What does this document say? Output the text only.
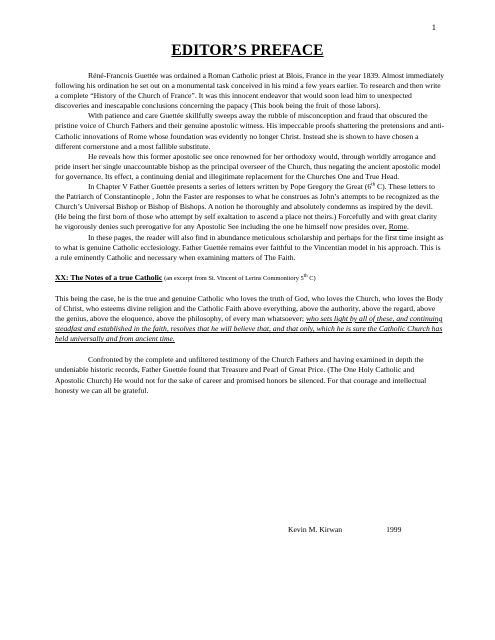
1
EDITOR’S PREFACE

Réné-Francois Guettée was ordained a Roman Catholic priest at Blois, France in the year 1839. Almost immediately following his ordination he set out on a monumental task conceived in his mind a few years earlier. To research and then write a complete “History of the Church of France”. It was this innocent endeavor that would soon lead him to unexpected discoveries and inescapable conclusions concerning the papacy (This book being the fruit of those labors).

With patience and care Guettée skillfully sweeps away the rubble of misconception and fraud that obscured the pristine voice of Church Fathers and their genuine apostolic witness. His impeccable proofs shattering the pretensions and anti-Catholic innovations of Rome whose foundation was evidently no longer Christ. Instead she is shown to have chosen a different cornerstone and a most fallible substitute.

He reveals how this former apostolic see once renowned for her orthodoxy would, through worldly arrogance and pride insert her single unaccountable bishop as the principal overseer of the Church, thus negating the ancient apostolic model for governance. Its effect, a continuing denial and illegitimate replacement for the Churches One and True Head.

In Chapter V Father Guettée presents a series of letters written by Pope Gregory the Great (6th C). These letters to the Patriarch of Constantinople , John the Faster are responses to what he construes as John’s attempts to be recognized as the Church’s Universal Bishop or Bishop of Bishops. A notion he thoroughly and absolutely condemns as inspired by the devil. (He being the first born of those who attempt by self exaltation to ascend a place not theirs.) Forcefully and with great clarity he vigorously denies such prerogative for any Apostolic See including the one he himself now presides over, Rome.

In these pages, the reader will also find in abundance meticulous scholarship and perhaps for the first time insight as to what is genuine Catholic ecclesiology. Father Guettée remains ever faithful to the Vincentian model in his approach. This is a rule eminently Catholic and necessary when examining matters of The Faith.

XX: The Notes of a true Catholic (an excerpt from St. Vincent of Lerins Commonitory 5th C)

This being the case, he is the true and genuine Catholic who loves the truth of God, who loves the Church, who loves the Body of Christ, who esteems divine religion and the Catholic Faith above everything, above the authority, above the regard, above the genius, above the eloquence, above the philosophy, of every man whatsoever; who sets light by all of these, and continuing steadfast and established in the faith, resolves that he will believe that, and that only, which he is sure the Catholic Church has held universally and from ancient time.

Confronted by the complete and unfiltered testimony of the Church Fathers and having examined in depth the undeniable historic records, Father Guettée found that Treasure and Pearl of Great Price. (The One Holy Catholic and Apostolic Church) He would not for the sake of career and promised honors be silenced. For that courage and intellectual honesty we can all be grateful.

Kevin M. Kirwan	1999
